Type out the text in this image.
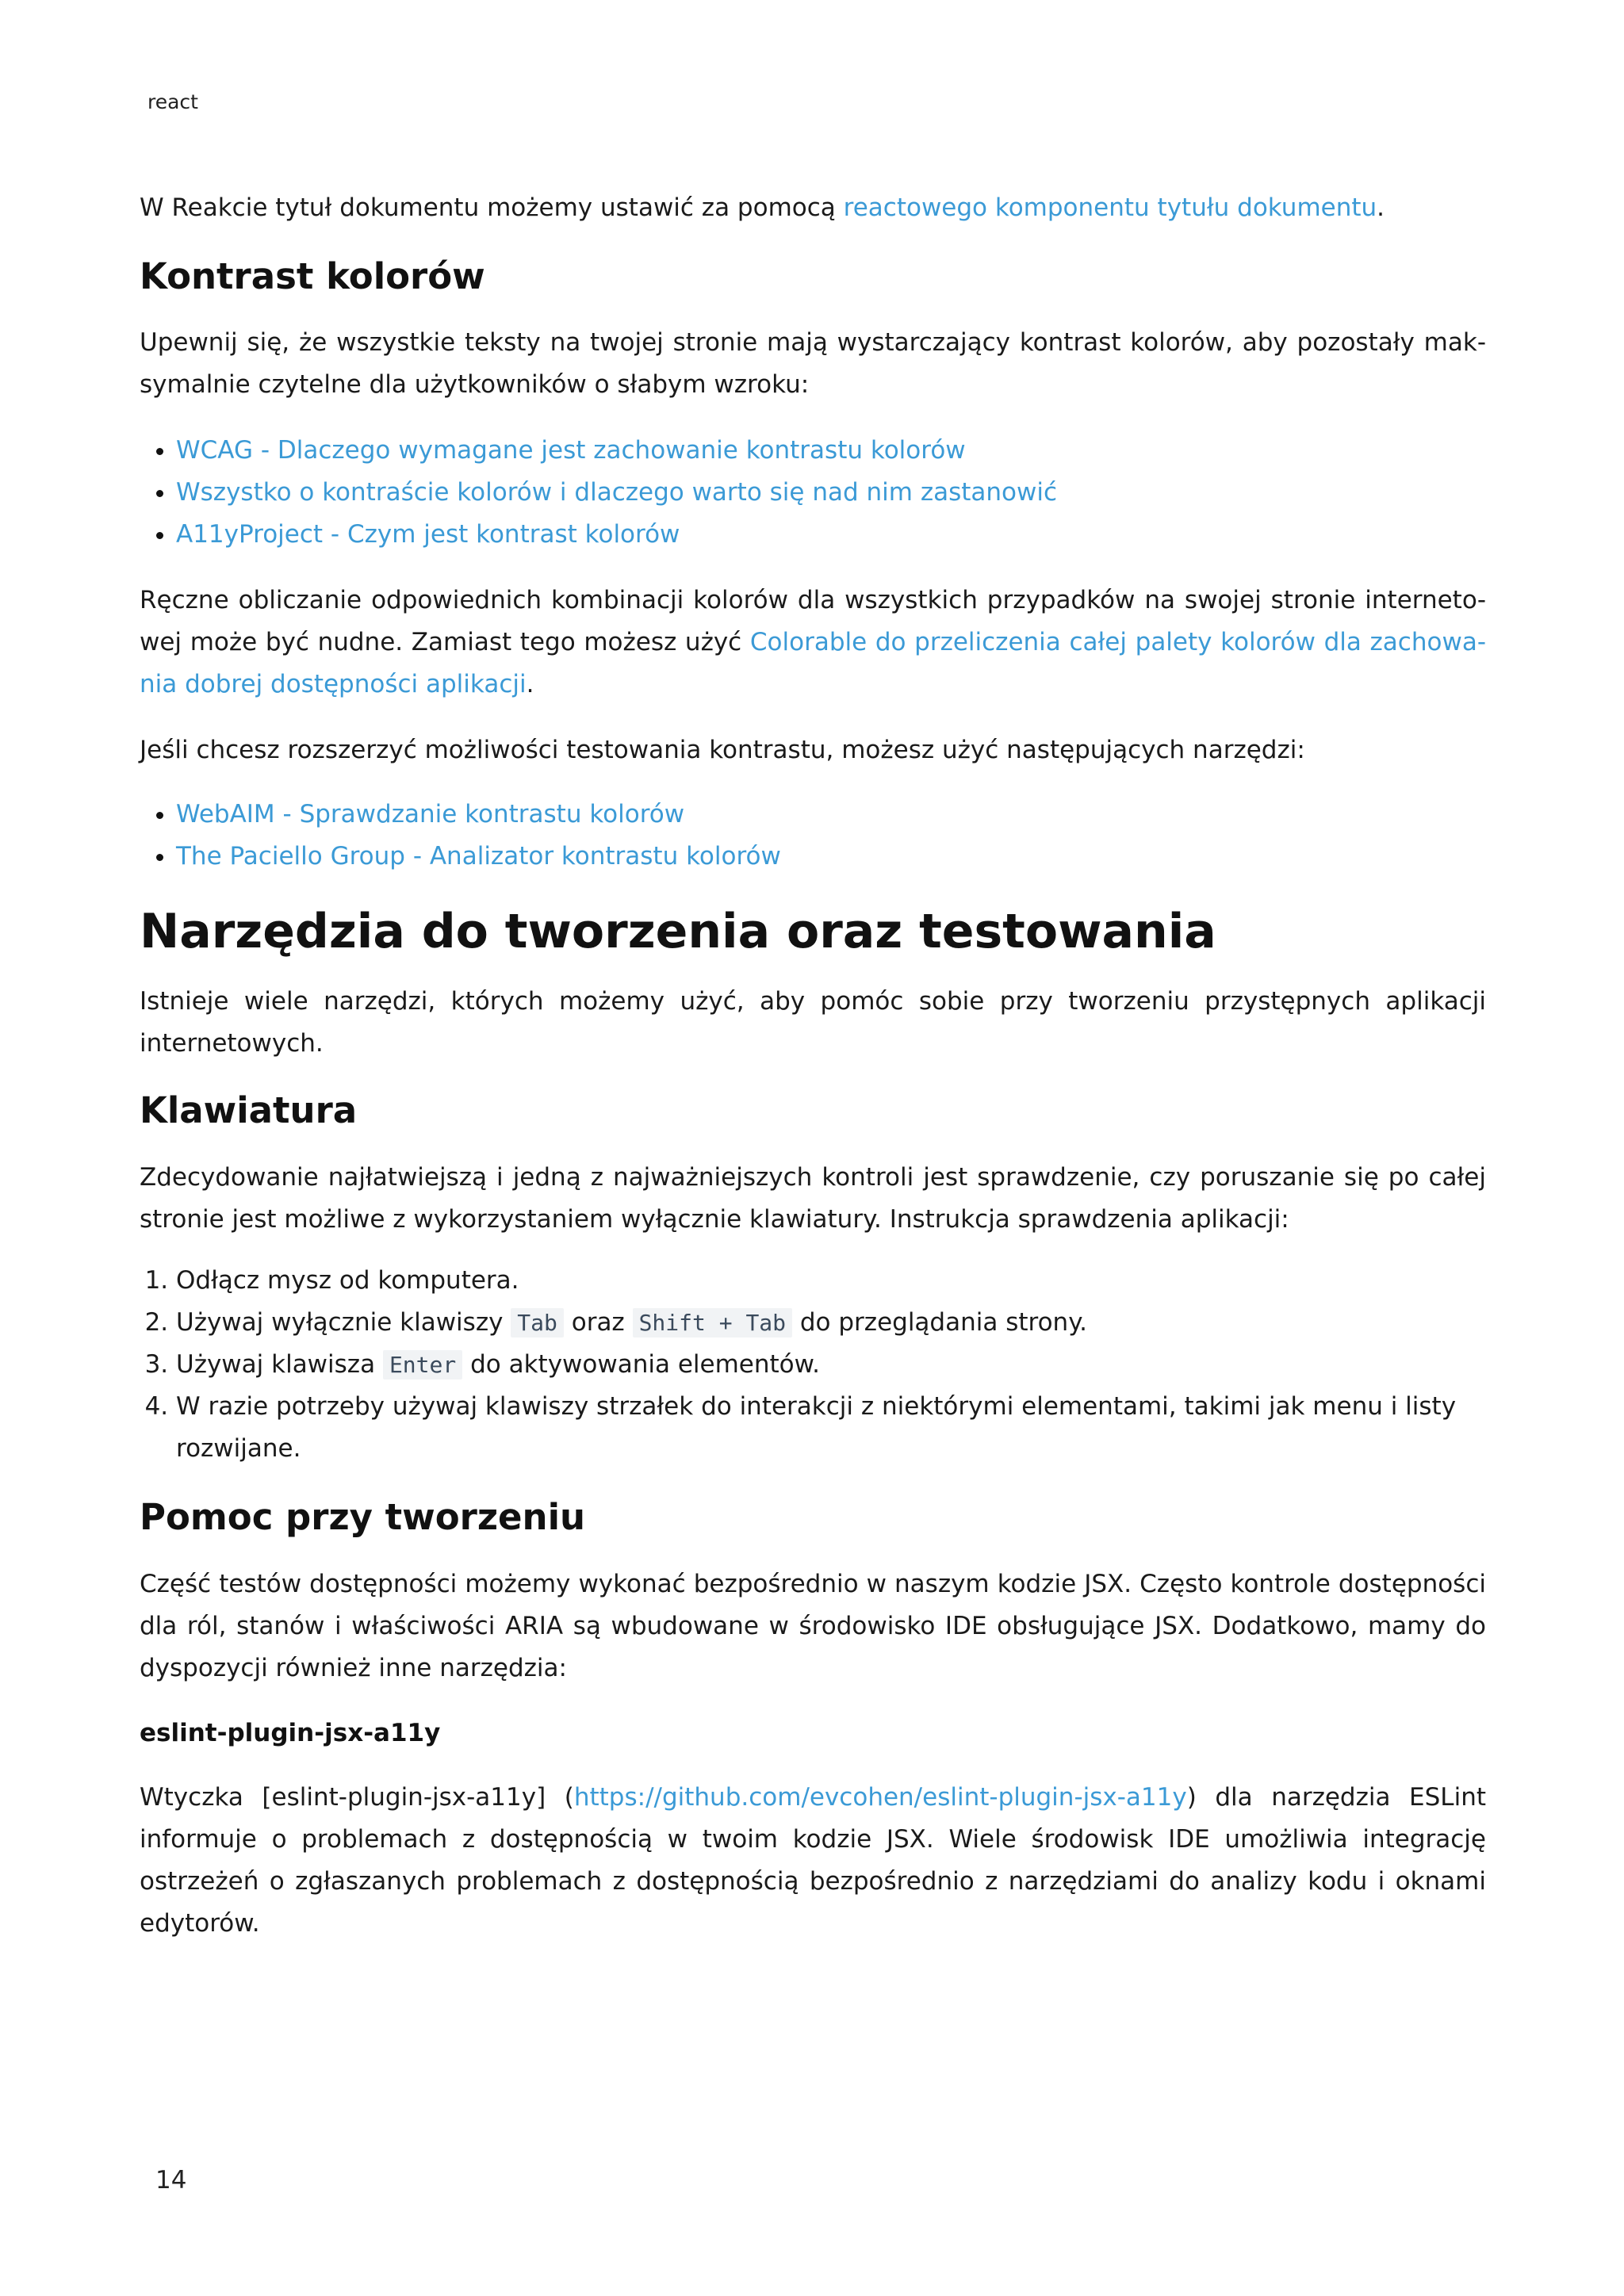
react

W Reakcie tytuł dokumentu możemy ustawić za pomocą reactowego komponentu tytułu dokumentu.

Kontrast kolorów

Upewnij się, że wszystkie teksty na twojej stronie mają wystarczający kontrast kolorów, aby pozostały maksymalnie czytelne dla użytkowników o słabym wzroku:

• WCAG - Dlaczego wymagane jest zachowanie kontrastu kolorów
• Wszystko o kontraście kolorów i dlaczego warto się nad nim zastanowić
• A11yProject - Czym jest kontrast kolorów

Ręczne obliczanie odpowiednich kombinacji kolorów dla wszystkich przypadków na swojej stronie internetowej może być nudne. Zamiast tego możesz użyć Colorable do przeliczenia całej palety kolorów dla zachowania dobrej dostępności aplikacji.

Jeśli chcesz rozszerzyć możliwości testowania kontrastu, możesz użyć następujących narzędzi:

• WebAIM - Sprawdzanie kontrastu kolorów
• The Paciello Group - Analizator kontrastu kolorów
Narzędzia do tworzenia oraz testowania

Istnieje wiele narzędzi, których możemy użyć, aby pomóc sobie przy tworzeniu przystępnych aplikacji internetowych.

Klawiatura

Zdecydowanie najłatwiejszą i jedną z najważniejszych kontroli jest sprawdzenie, czy poruszanie się po całej stronie jest możliwe z wykorzystaniem wyłącznie klawiatury. Instrukcja sprawdzenia aplikacji:

1. Odłącz mysz od komputera.
2. Używaj wyłącznie klawiszy Tab oraz Shift + Tab do przeglądania strony.
3. Używaj klawisza Enter do aktywowania elementów.
4. W razie potrzeby używaj klawiszy strzałek do interakcji z niektórymi elementami, takimi jak menu i listy rozwijane.
Pomoc przy tworzeniu

Część testów dostępności możemy wykonać bezpośrednio w naszym kodzie JSX. Często kontrole dostępności dla ról, stanów i właściwości ARIA są wbudowane w środowisko IDE obsługujące JSX. Dodatkowo, mamy do dyspozycji również inne narzędzia:

eslint-plugin-jsx-a11y

Wtyczka [eslint-plugin-jsx-a11y] (https://github.com/evcohen/eslint-plugin-jsx-a11y) dla narzędzia ESLint informuje o problemach z dostępnością w twoim kodzie JSX. Wiele środowisk IDE umożliwia integrację ostrzeżeń o zgłaszanych problemach z dostępnością bezpośrednio z narzędziami do analizy kodu i oknami edytorów.

14
